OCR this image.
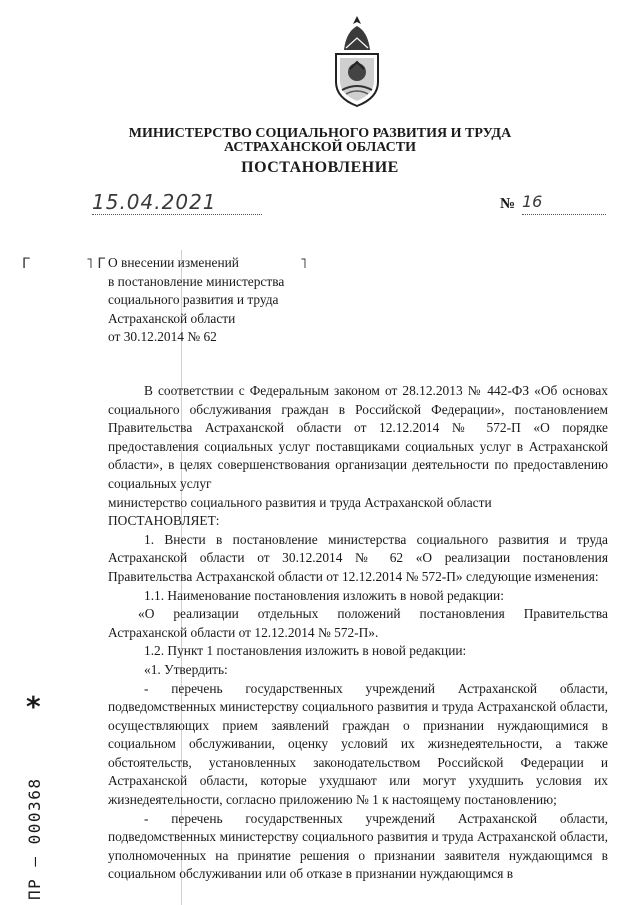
МИНИСТЕРСТВО СОЦИАЛЬНОГО РАЗВИТИЯ И ТРУДА
АСТРАХАНСКОЙ ОБЛАСТИ
ПОСТАНОВЛЕНИЕ
15.04.2021	№ 16
Г	˥ Г	˥
О внесении изменений
в постановление министерства
социального развития и труда
Астраханской области
от 30.12.2014 № 62

В соответствии с Федеральным законом от 28.12.2013 № 442-ФЗ «Об основах социального обслуживания граждан в Российской Федерации», постановлением Правительства Астраханской области от 12.12.2014 № 572-П «О порядке предоставления социальных услуг поставщиками социальных услуг в Астраханской области», в целях совершенствования организации деятельности по предоставлению социальных услуг

министерство социального развития и труда Астраханской области

ПОСТАНОВЛЯЕТ:

1. Внести в постановление министерства социального развития и труда Астраханской области от 30.12.2014 № 62 «О реализации постановления Правительства Астраханской области от 12.12.2014 № 572-П» следующие изменения:

1.1. Наименование постановления изложить в новой редакции:

«О реализации отдельных положений постановления Правительства Астраханской области от 12.12.2014 № 572-П».

1.2. Пункт 1 постановления изложить в новой редакции:

«1. Утвердить:

- перечень государственных учреждений Астраханской области, подведомственных министерству социального развития и труда Астраханской области, осуществляющих прием заявлений граждан о признании нуждающимися в социальном обслуживании, оценку условий их жизнедеятельности, а также обстоятельств, установленных законодательством Российской Федерации и Астраханской области, которые ухудшают или могут ухудшить условия их жизнедеятельности, согласно приложению № 1 к настоящему постановлению;

- перечень государственных учреждений Астраханской области, подведомственных министерству социального развития и труда Астраханской области, уполномоченных на принятие решения о признании заявителя нуждающимся в социальном обслуживании или об отказе в признании нуждающимся в

*
ПР – 000368
